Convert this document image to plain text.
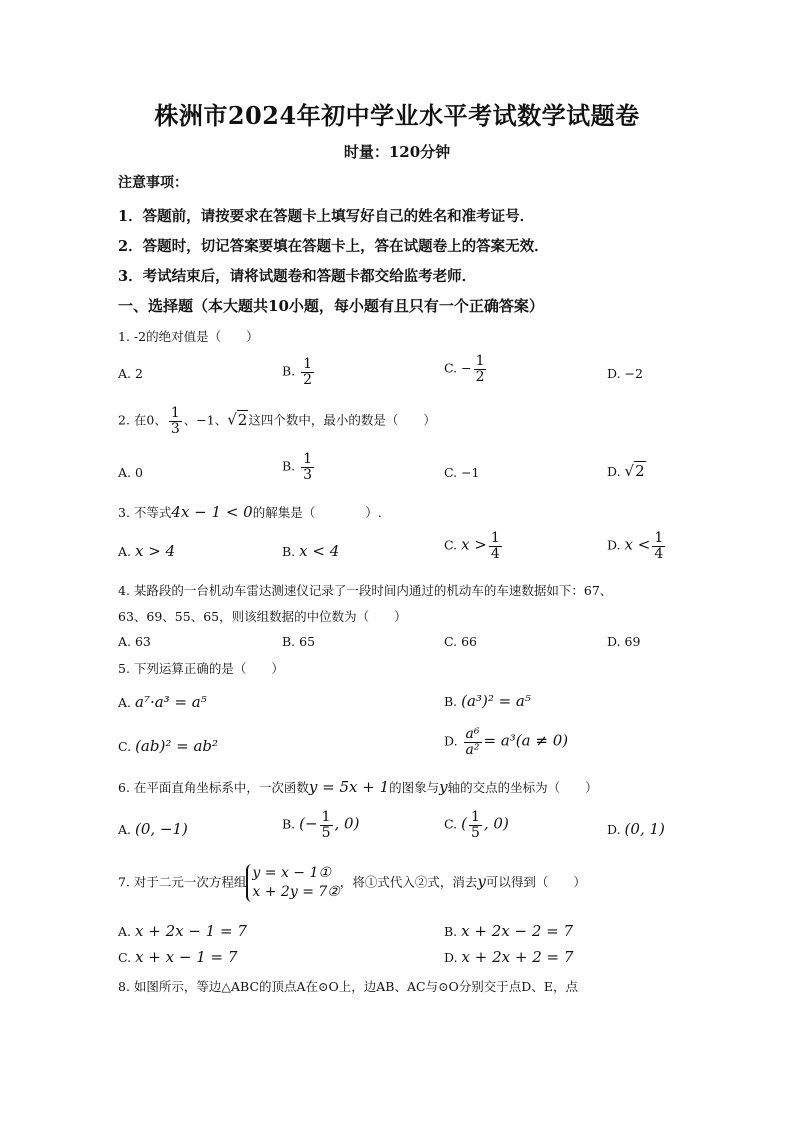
株洲市2024年初中学业水平考试数学试题卷
时量：120分钟
注意事项：
1．答题前，请按要求在答题卡上填写好自己的姓名和准考证号．
2．答题时，切记答案要填在答题卡上，答在试题卷上的答案无效．
3．考试结束后，请将试题卷和答题卡都交给监考老师．
一、选择题（本大题共10小题，每小题有且只有一个正确答案）
1. -2的绝对值是（　　）
A. 2	B. $\frac{1}{2}$	C. − $\frac{1}{2}$	D. −2
2. 在0、 $\frac{1}{3}$ 、−1、√2这四个数中，最小的数是（　　）
A. 0	B. $\frac{1}{3}$	C. −1	D. √2
3. 不等式4x − 1 < 0的解集是（　　　　）.
A. x > 4	B. x < 4	C. $x > \frac{1}{4}$	D. $x < \frac{1}{4}$
4. 某路段的一台机动车雷达测速仪记录了一段时间内通过的机动车的车速数据如下：67、
63、69、55、65，则该组数据的中位数为（　　）
A. 63	B. 65	C. 66	D. 69
5. 下列运算正确的是（　　）
A. a⁷·a³ = a⁵	B. (a³)² = a⁵
C. (ab)² = ab²	D. $\frac{\text{a⁶}}{\text{a²}} = a^3(a \ne 0)$
6. 在平面直角坐标系中，一次函数y = 5x + 1的图象与y轴的交点的坐标为（　　）
A. (0, −1)	B. (− $\frac{1}{5}$ , 0)	C. ( $\frac{1}{5}$ , 0)	D. (0, 1)
7. 对于二元一次方程组
y = x − 1①
x + 2y = 7②
，将①式代入②式，消去y可以得到（　　）
A. x + 2x − 1 = 7	B. x + 2x − 2 = 7
C. x + x − 1 = 7	D. x + 2x + 2 = 7
8. 如图所示，等边△ABC的顶点A在⊙O上，边AB、AC与⊙O分别交于点D、E，点
